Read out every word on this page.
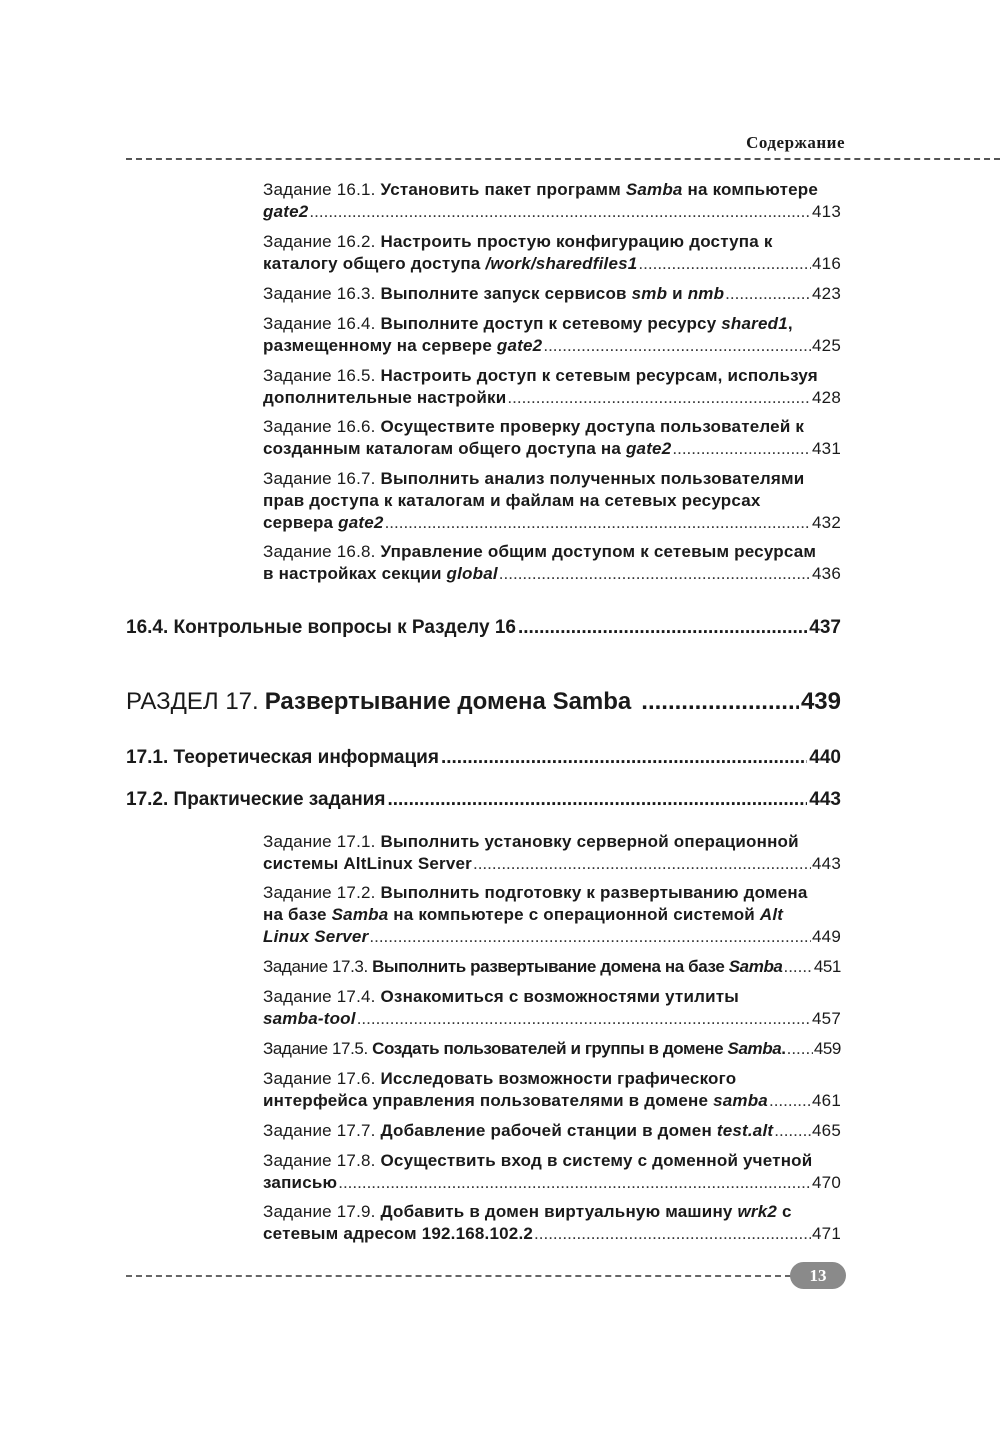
Содержание
Задание 16.1. Установить пакет программ Samba на компьютере
gate2 .....	413
Задание 16.2. Настроить простую конфигурацию доступа к
каталогу общего доступа /work/sharedfiles1 .....	416
Задание 16.3. Выполните запуск сервисов smb и nmb .....	423
Задание 16.4. Выполните доступ к сетевому ресурсу shared1,
размещенному на сервере gate2 .....	425
Задание 16.5. Настроить доступ к сетевым ресурсам, используя
дополнительные настройки .....	428
Задание 16.6. Осуществите проверку доступа пользователей к
созданным каталогам общего доступа на gate2 .....	431
Задание 16.7. Выполнить анализ полученных пользователями
прав доступа к каталогам и файлам на сетевых ресурсах
сервера gate2 .....	432
Задание 16.8. Управление общим доступом к сетевым ресурсам
в настройках секции global .....	436
Задание 17.1. Выполнить установку серверной операционной
системы AltLinux Server .....	443
Задание 17.2. Выполнить подготовку к развертыванию домена
на базе Samba на компьютере с операционной системой Alt
Linux Server .....	449
Задание 17.3. Выполнить развертывание домена на базе Samba ..... 451
Задание 17.4. Ознакомиться с возможностями утилиты
samba-tool .....	457
Задание 17.5. Создать пользователей и группы в домене Samba. ..... 459
Задание 17.6. Исследовать возможности графического
интерфейса управления пользователями в домене samba .....	461
Задание 17.7. Добавление рабочей станции в домен test.alt ..... 465
Задание 17.8. Осуществить вход в систему с доменной учетной
записью .....	470
Задание 17.9. Добавить в домен виртуальную машину wrk2 с
сетевым адресом 192.168.102.2 .....	471
16.4. Контрольные вопросы к Разделу 16 .....	437
РАЗДЕЛ 17. Развертывание домена Samba .....	439
17.1. Теоретическая информация .....	440
17.2. Практические задания .....	443
13
